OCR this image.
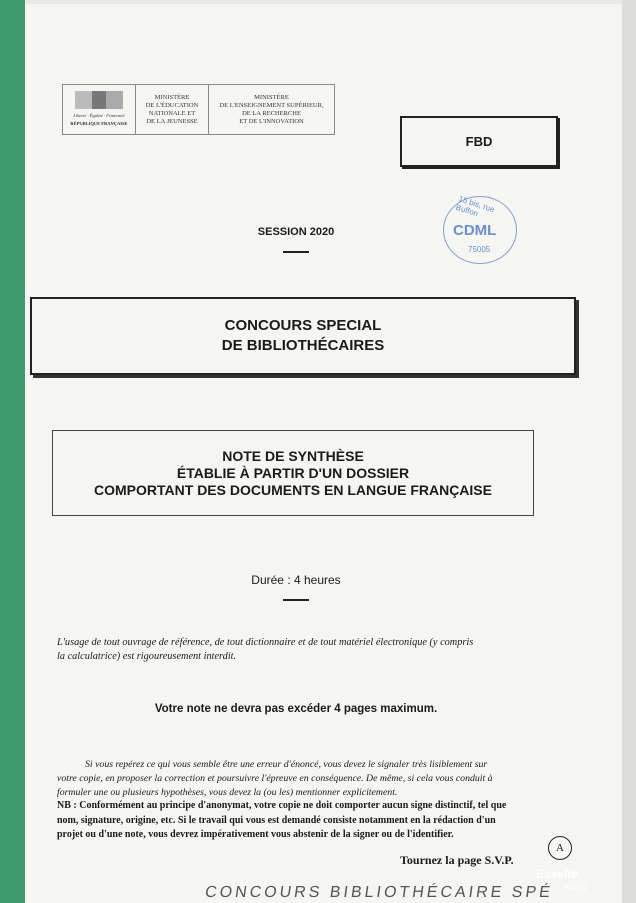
Liberté · Égalité · Fraternité
RÉPUBLIQUE FRANÇAISE
MINISTÈRE
DE L'ÉDUCATION
NATIONALE ET
DE LA JEUNESSE
MINISTÈRE
DE L'ENSEIGNEMENT SUPÉRIEUR,
DE LA RECHERCHE
ET DE L'INNOVATION
FBD
15 bis, rue Buffon
CDML
75005
SESSION 2020
CONCOURS SPECIAL
DE BIBLIOTHÉCAIRES
NOTE DE SYNTHÈSE
ÉTABLIE À PARTIR D'UN DOSSIER
COMPORTANT DES DOCUMENTS EN LANGUE FRANÇAISE
Durée : 4 heures
L'usage de tout ouvrage de référence, de tout dictionnaire et de tout matériel électronique (y compris
la calculatrice) est rigoureusement interdit.
Votre note ne devra pas excéder 4 pages maximum.
Si vous repérez ce qui vous semble être une erreur d'énoncé, vous devez le signaler très lisiblement sur
votre copie, en proposer la correction et poursuivre l'épreuve en conséquence. De même, si cela vous conduit à
formuler une ou plusieurs hypothèses, vous devez la (ou les) mentionner explicitement.
NB : Conformément au principe d'anonymat, votre copie ne doit comporter aucun signe distinctif, tel que
nom, signature, origine, etc. Si le travail qui vous est demandé consiste notamment en la rédaction d'un
projet ou d'une note, vous devrez impérativement vous abstenir de la signer ou de l'identifier.
A
Tournez la page S.V.P.
Esselte
54832
CONCOURS BIBLIOTHÉCAIRE SPÉ
